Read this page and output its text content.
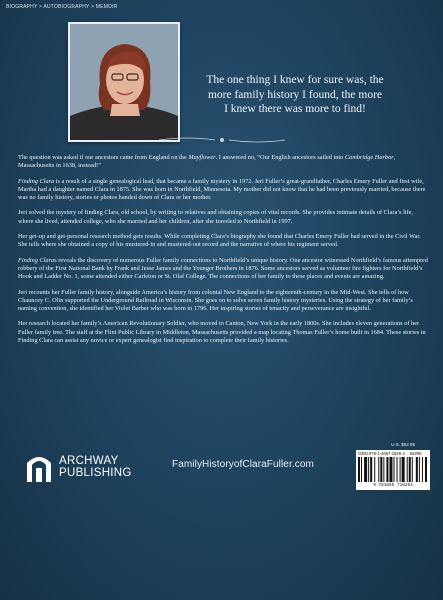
BIOGRAPHY > AUTOBIOGRAPHY > MEMOIR
The one thing I knew for sure was, the
more family history I found, the more
I knew there was more to find!

The question was asked if our ancestors came from England on the Mayflower. I answered no, “Our English ancestors sailed into Cambridge Harbor, Massachusetts in 1638, instead!”

Finding Clara is a result of a single genealogical lead, that became a family mystery in 1972. Jeri Fuller’s great-grandfather, Charles Emery Fuller and first wife, Martha had a daughter named Clara in 1875. She was born in Northfield, Minnesota. My mother did not know that he had been previously married, because there was no family history, stories or photos handed down of Clara or her mother.

Jeri solved the mystery of finding Clara, old school, by writing to relatives and obtaining copies of vital records. She provides intimate details of Clara’s life, where she lived, attended college, who she married and her children, after she traveled to Northfield in 1997.

Her get-up and get-personal research method gets results. While completing Clara’s biography she found that Charles Emery Fuller had served in the Civil War. She tells where she obtained a copy of his mustered-in and mustered-out record and the narrative of where his regiment served.

Finding Claras reveals the discovery of numerous Fuller family connections to Northfield’s unique history. One ancestor witnessed Northfield’s famous attempted robbery of the First National Bank by Frank and Jesse James and the Younger Brothers in 1876. Some ancestors served as volunteer fire fighters for Northfield’s Hook and Ladder No. 1, some attended either Carleton or St. Olaf College. The connections of her family to these places and events are amazing.

Jeri recounts her Fuller family history, alongside America’s history from colonial New England to the eighteenth-century in the Mid-West. She tells of how Chauncey C. Olin supported the Underground Railroad in Wisconsin. She goes on to solve seven family history mysteries. Using the strategy of her family’s naming convention, she identified her Violet Barber who was born in 1796. Her inspiring stories of tenacity and perseverance are insightful.

Her research located her family’s American Revolutionary Soldier, who moved to Canton, New York in the early 1800s. She includes eleven generations of her Fuller family tree. The staff at the Flint Public Library in Middleton, Massachusetts provided a map locating Thomas Fuller’s home built in 1684. These stories in Finding Clara can assist any novice or expert genealogist find inspiration to complete their family histories.

U.S. $62.95
ARCHWAY
PUBLISHING
FamilyHistoryofClaraFuller.com
ISBN 978-1-4657-1826-4 56295
9 781665 718264
